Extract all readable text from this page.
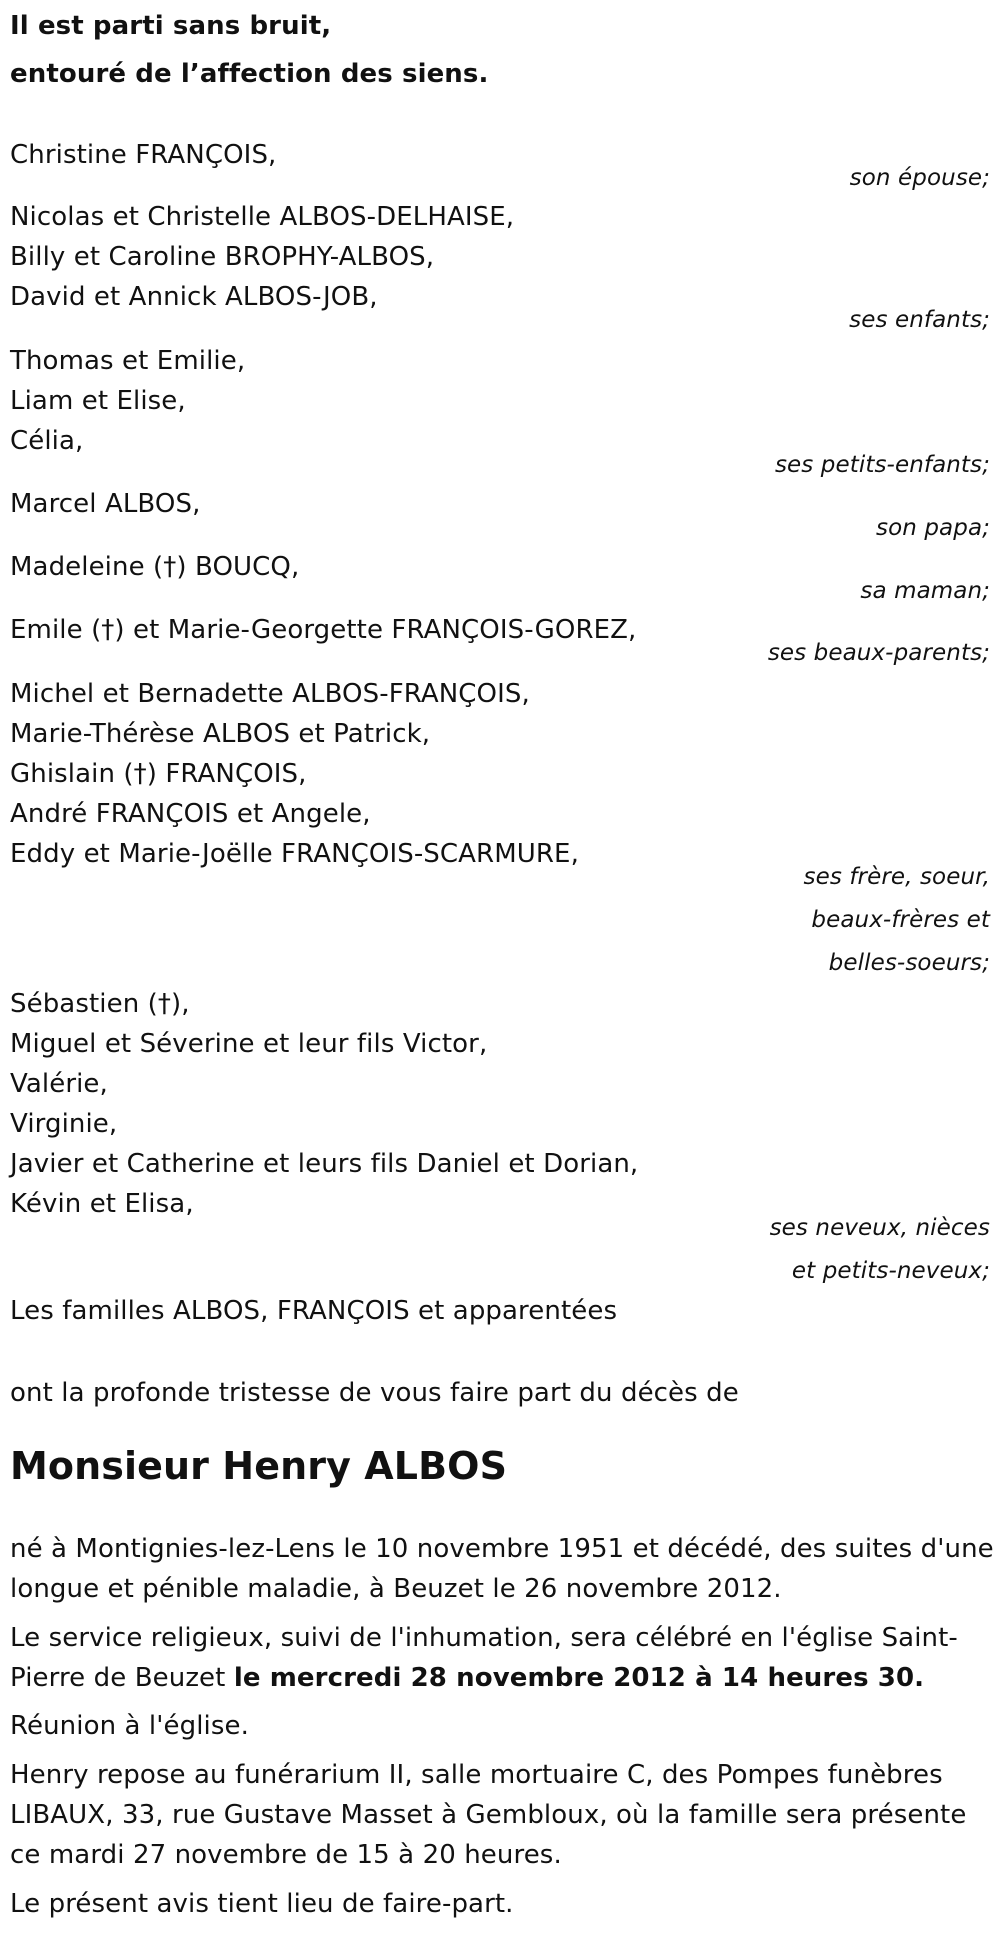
Il est parti sans bruit,

entouré de l’affection des siens.

Christine FRANÇOIS,

son épouse;

Nicolas et Christelle ALBOS-DELHAISE,

Billy et Caroline BROPHY-ALBOS,

David et Annick ALBOS-JOB,

ses enfants;

Thomas et Emilie,

Liam et Elise,

Célia,

ses petits-enfants;

Marcel ALBOS,

son papa;

Madeleine (†) BOUCQ,

sa maman;

Emile (†) et Marie-Georgette FRANÇOIS-GOREZ,

ses beaux-parents;

Michel et Bernadette ALBOS-FRANÇOIS,

Marie-Thérèse ALBOS et Patrick,

Ghislain (†) FRANÇOIS,

André FRANÇOIS et Angele,

Eddy et Marie-Joëlle FRANÇOIS-SCARMURE,

ses frère, soeur,

beaux-frères et

belles-soeurs;

Sébastien (†),

Miguel et Séverine et leur fils Victor,

Valérie,

Virginie,

Javier et Catherine et leurs fils Daniel et Dorian,

Kévin et Elisa,

ses neveux, nièces

et petits-neveux;

Les familles ALBOS, FRANÇOIS et apparentées

ont la profonde tristesse de vous faire part du décès de

Monsieur Henry ALBOS

né à Montignies-lez-Lens le 10 novembre 1951 et décédé, des suites d'une

longue et pénible maladie, à Beuzet le 26 novembre 2012.

Le service religieux, suivi de l'inhumation, sera célébré en l'église Saint-

Pierre de Beuzet le mercredi 28 novembre 2012 à 14 heures 30.

Réunion à l'église.

Henry repose au funérarium II, salle mortuaire C, des Pompes funèbres

LIBAUX, 33, rue Gustave Masset à Gembloux, où la famille sera présente

ce mardi 27 novembre de 15 à 20 heures.

Le présent avis tient lieu de faire-part.
